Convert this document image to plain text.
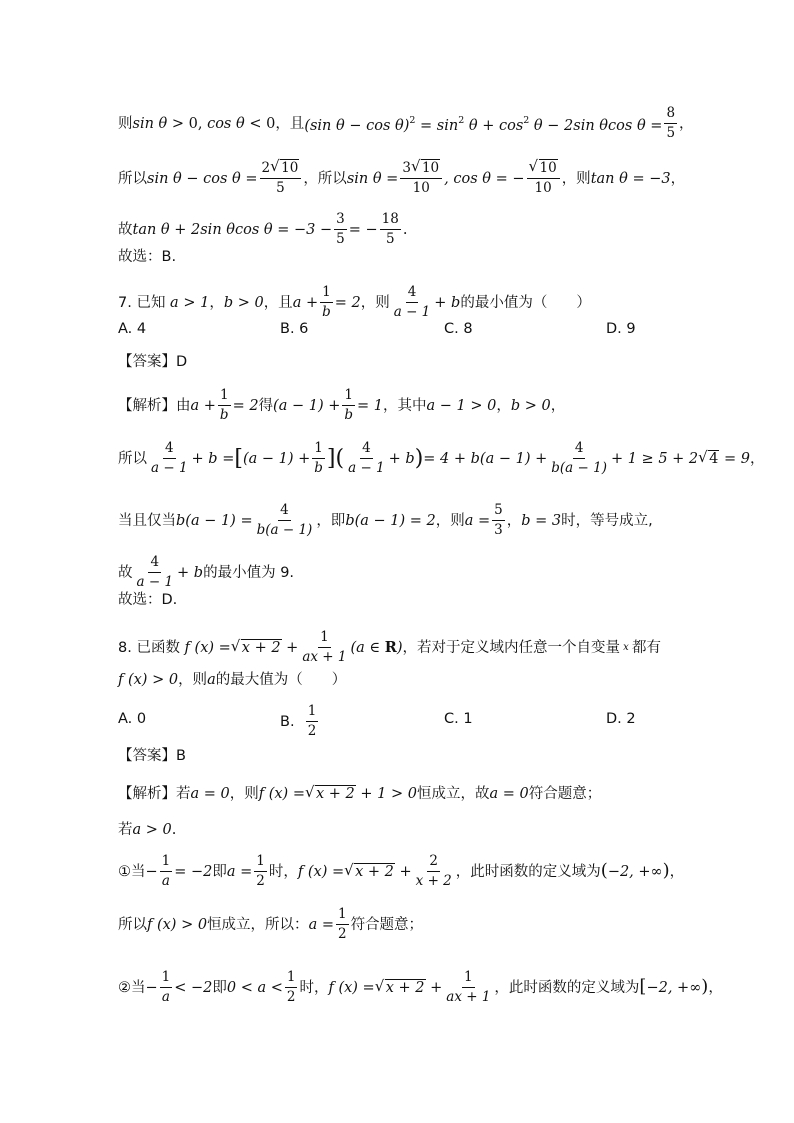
则 sin θ > 0, cos θ < 0 ，且 (sin $\theta - \cos \theta)^2 = \sin^2 \theta + \cos^2 \theta - 2\sin$ θcos $\theta = \frac{8}{5}$ ，
所以 $\sin \theta - \cos \theta = \frac{2 √ 10}{5}$ ，所以 $\sin \theta = \frac{3 √ 10}{10}$ , cos θ = − √ $\frac{10}{10}$ ，则 tan θ = −3 ，
故 tan θ + 2sin θcos $\theta = -3 - \frac{3}{5}$ = − $\frac{18}{5}$ .
故选：B.
7. 已知 a > 1 ， b > 0 ，且 $a + \frac{1}{b} = 2$ ，则 $\frac{4}{a - 1} + b$ 的最小值为（　　）
A. 4	B. 6	C. 8	D. 9
【答案】D
【解析】 由 $a + \frac{1}{b} = 2$ 得 $(a - 1) + \frac{1}{b} = 1$ ，其中 a − 1 > 0 ， b > 0 ，
所以 $\frac{4}{a - 1} + b$ = [ $(a - 1) + \frac{1}{b}$ ] ( $\frac{4}{a - 1} + b$ ) = $4 + b(a - 1) + \frac{4}{b(a - 1)} + 1 \ge 5 + 2$ √ 4 = 9 ，
当且仅当 $b(a - 1) = \frac{4}{b(a - 1)}$ ，即 b(a − 1) = 2 ，则 $a = \frac{5}{3}$ ， b = 3 时，等号成立,
故 $\frac{4}{a - 1} + b$ 的最小值为 9.
故选：D.
8. 已函数 f (x) = √ $x + 2 + \frac{1}{ax + 1} (a$ ∈ R) ，若对于定义域内任意一个自变量 x 都有
f (x) > 0 ，则 a 的最大值为（　　）
A. 0	B.
$\frac{1}{2}$	C. 1	D. 2
【答案】B
【解析】 若 a = 0 ，则 f (x) = √ x + 2 + 1 > 0 恒成立，故 a = 0 符合题意；
若 a > 0 .
①当 − $\frac{1}{a} = -2$ 即 $a = \frac{1}{2}$ 时， f (x) = √ $x + 2 + \frac{2}{x + 2}$ ，此时函数的定义域为 (−2, +∞) ，
所以 f (x) > 0 恒成立，所以： $a = \frac{1}{2}$ 符合题意；
②当 − $\frac{1}{a} < -2$ 即 $0 < a < \frac{1}{2}$ 时， f (x) = √ $x + 2 + \frac{1}{ax + 1}$ ，此时函数的定义域为 [−2, +∞) ，
